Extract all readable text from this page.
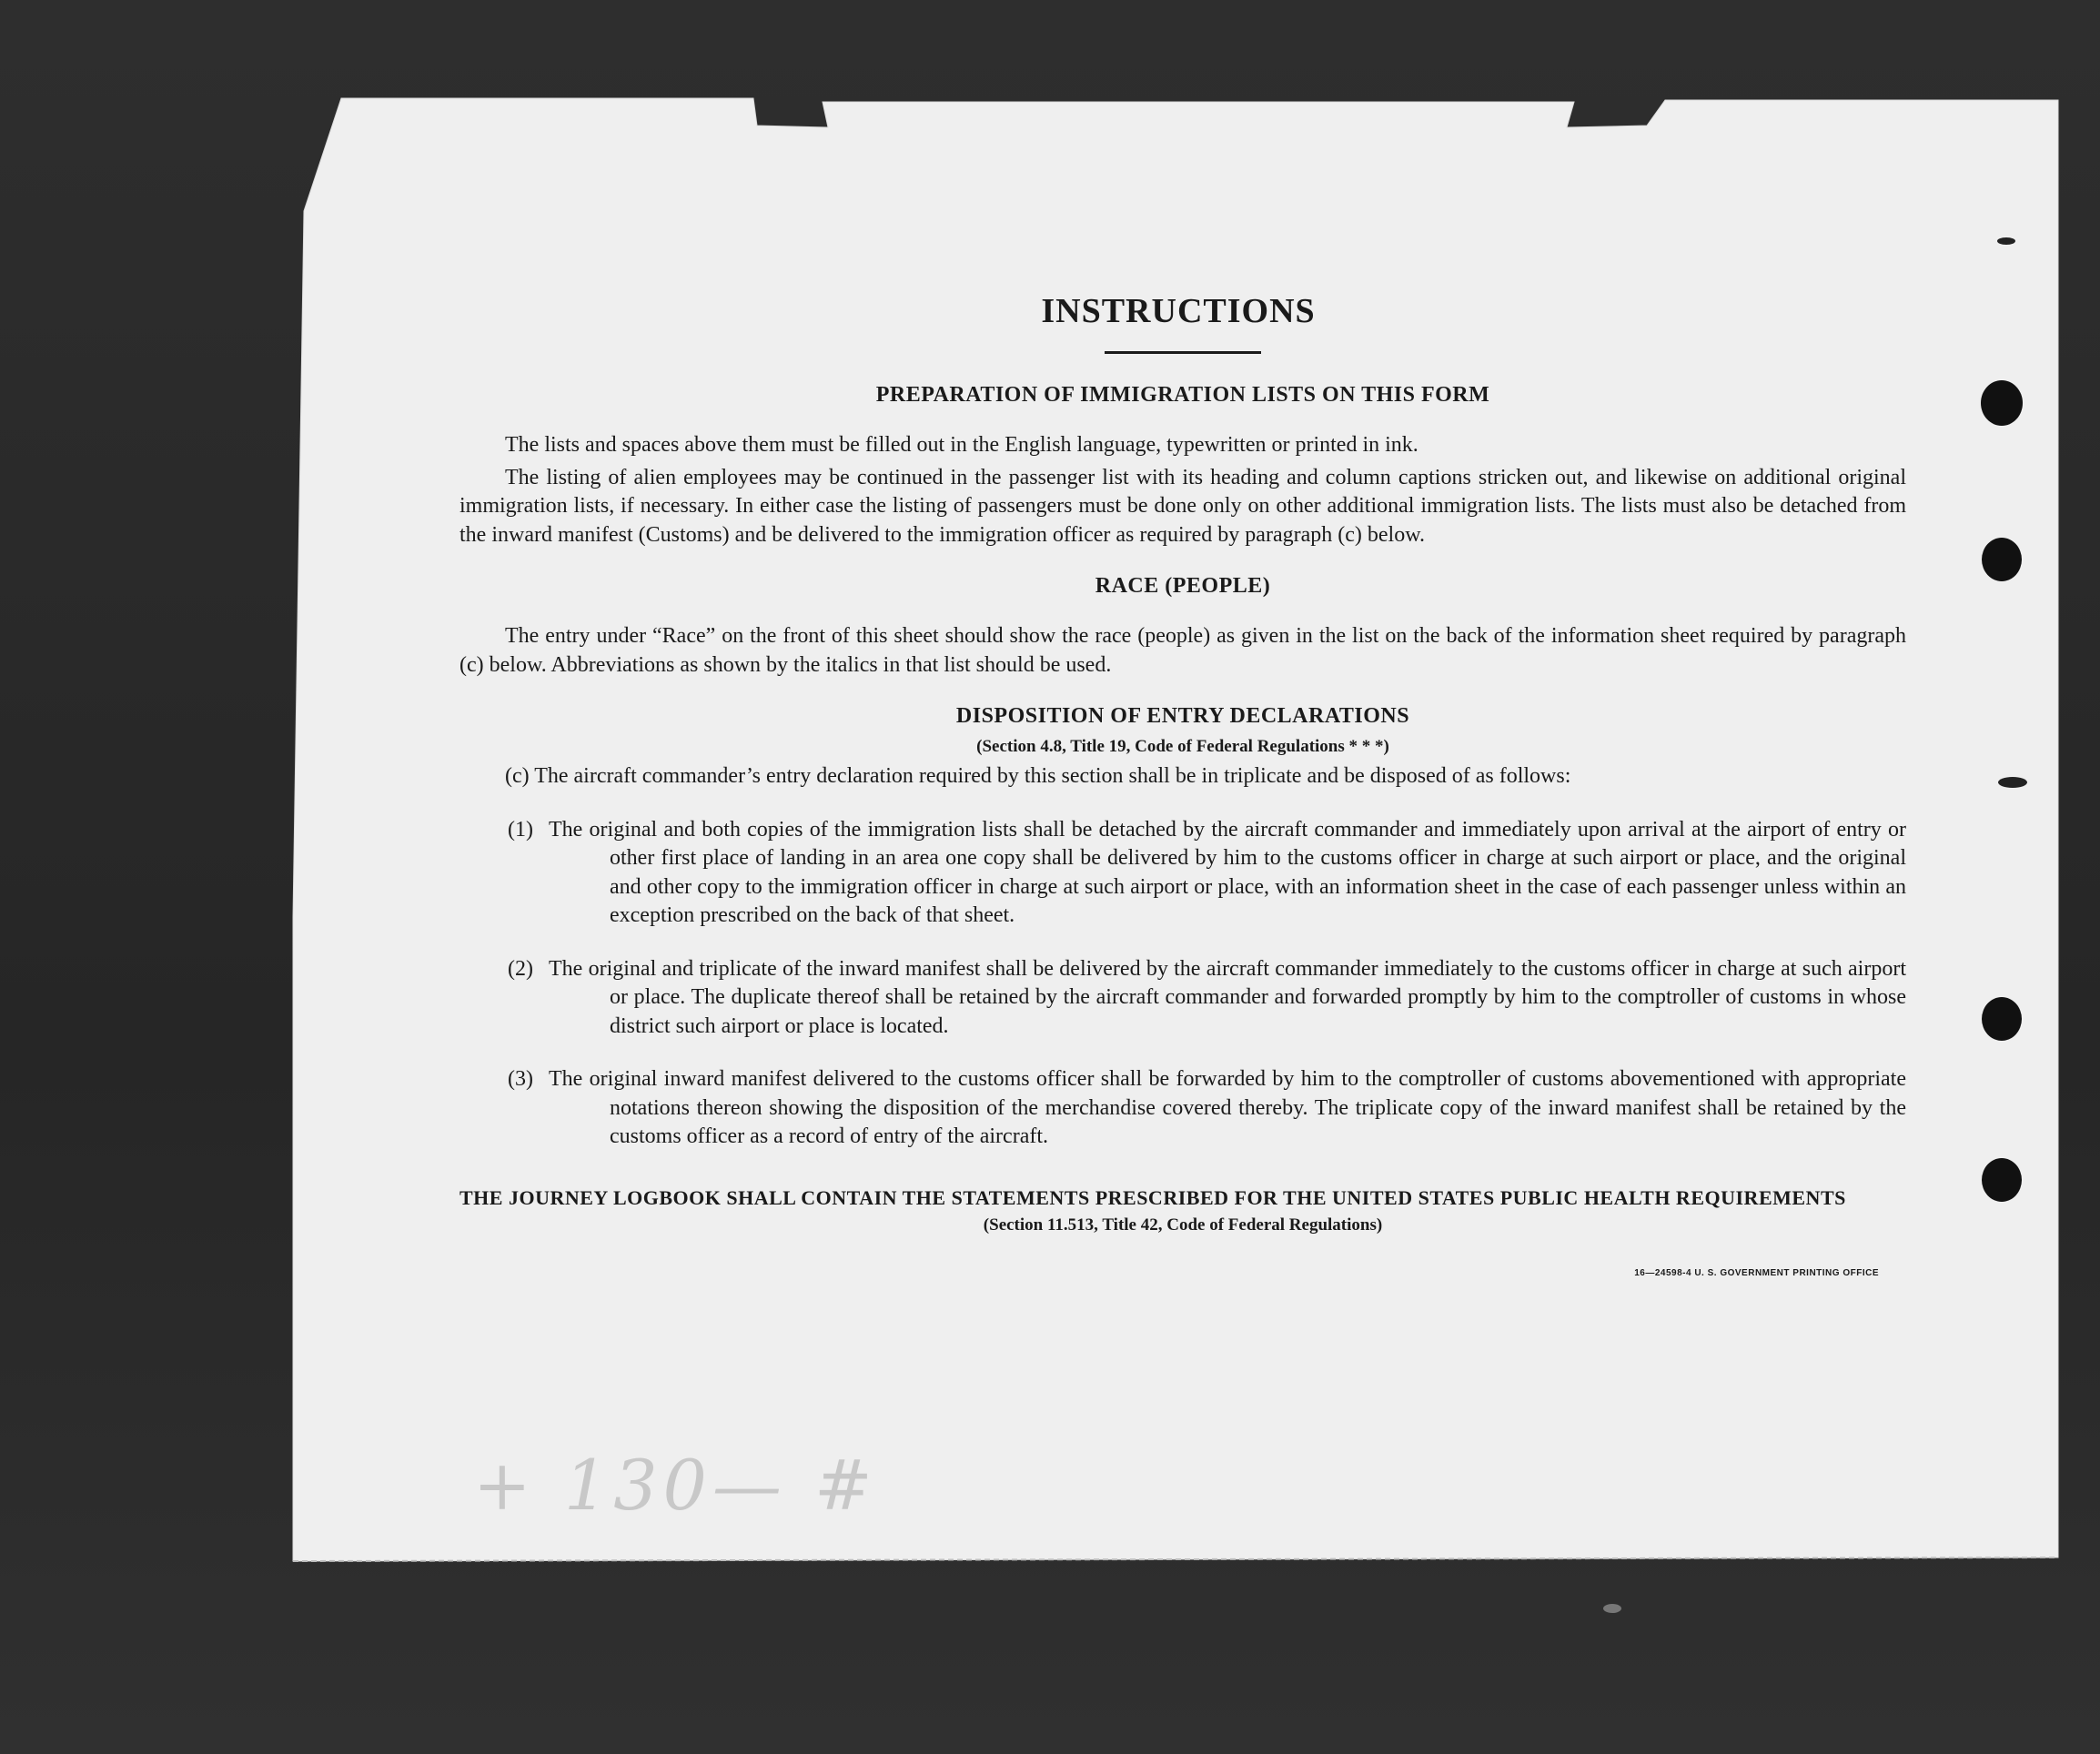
INSTRUCTIONS
PREPARATION OF IMMIGRATION LISTS ON THIS FORM

The lists and spaces above them must be filled out in the English language, typewritten or printed in ink.

The listing of alien employees may be continued in the passenger list with its heading and column captions stricken out, and likewise on additional original immigration lists, if necessary. In either case the listing of passengers must be done only on other additional immigration lists. The lists must also be detached from the inward manifest (Customs) and be delivered to the immigration officer as required by paragraph (c) below.

RACE (PEOPLE)

The entry under “Race” on the front of this sheet should show the race (people) as given in the list on the back of the information sheet required by paragraph (c) below. Abbreviations as shown by the italics in that list should be used.

DISPOSITION OF ENTRY DECLARATIONS
(Section 4.8, Title 19, Code of Federal Regulations * * *)

(c) The aircraft commander’s entry declaration required by this section shall be in triplicate and be disposed of as follows:

(1) The original and both copies of the immigration lists shall be detached by the aircraft commander and immediately upon arrival at the airport of entry or other first place of landing in an area one copy shall be delivered by him to the customs officer in charge at such airport or place, and the original and other copy to the immigration officer in charge at such airport or place, with an information sheet in the case of each passenger unless within an exception prescribed on the back of that sheet.

(2) The original and triplicate of the inward manifest shall be delivered by the aircraft commander immediately to the customs officer in charge at such airport or place. The duplicate thereof shall be retained by the aircraft commander and forwarded promptly by him to the comptroller of customs in whose district such airport or place is located.

(3) The original inward manifest delivered to the customs officer shall be forwarded by him to the comptroller of customs abovementioned with appropriate notations thereon showing the disposition of the merchandise covered thereby. The triplicate copy of the inward manifest shall be retained by the customs officer as a record of entry of the aircraft.

THE JOURNEY LOGBOOK SHALL CONTAIN THE STATEMENTS PRESCRIBED FOR THE UNITED STATES PUBLIC HEALTH REQUIREMENTS
(Section 11.513, Title 42, Code of Federal Regulations)
16—24598-4 U. S. GOVERNMENT PRINTING OFFICE
+ 130— #
